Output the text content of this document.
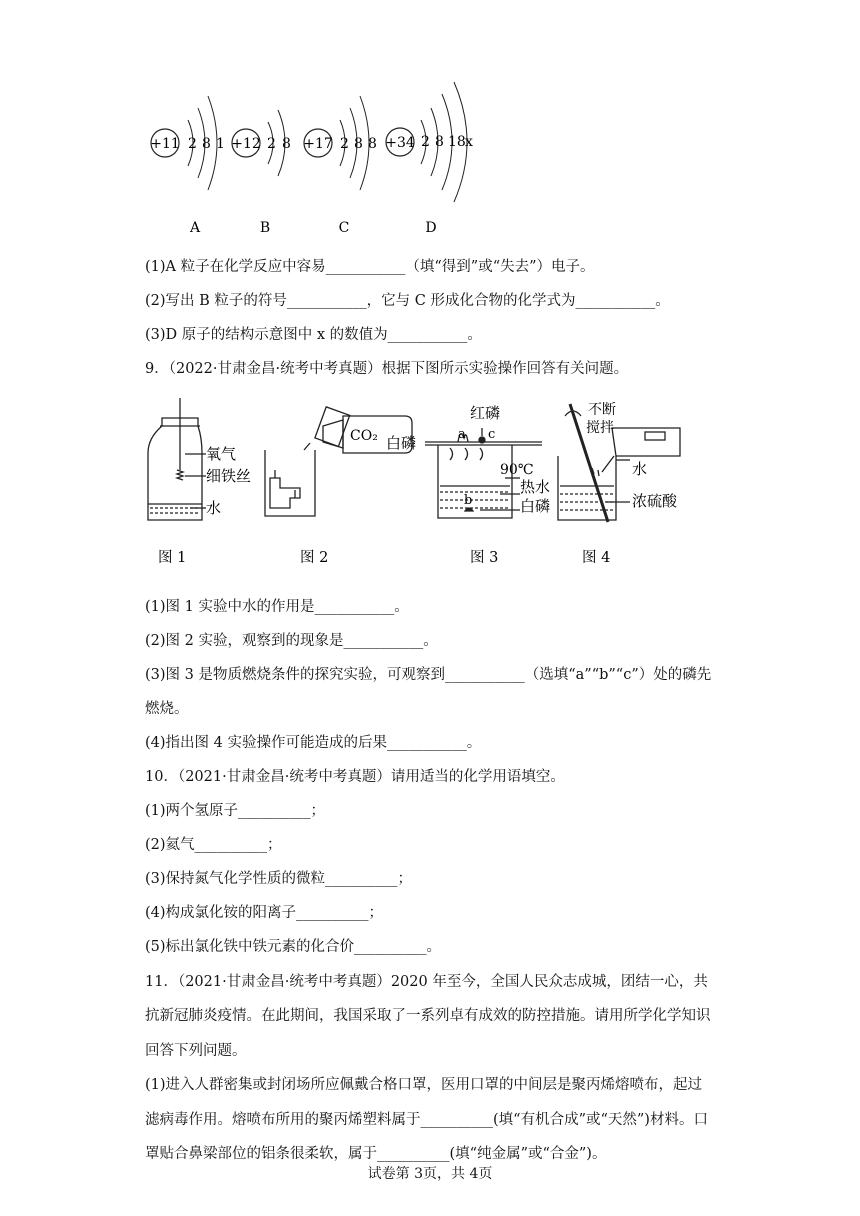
+11 2 8 1
A
+12 2 8
B
+17 2 8 8
C
+34 2 8 18 x
D
(1)A 粒子在化学反应中容易___________（填“得到”或“失去”）电子。
(2)写出 B 粒子的符号___________，它与 C 形成化合物的化学式为___________。
(3)D 原子的结构示意图中 x 的数值为___________。
9．（2022·甘肃金昌·统考中考真题）根据下图所示实验操作回答有关问题。
氧气
细铁丝
水
图 1
CO₂
图 2
红磷
白磷	a c
b
90℃
热水
白磷
图 3
不断
搅拌
水
浓硫酸
图 4
(1)图 1 实验中水的作用是___________。
(2)图 2 实验，观察到的现象是___________。
(3)图 3 是物质燃烧条件的探究实验，可观察到___________（选填“a”“b”“c”）处的磷先
燃烧。
(4)指出图 4 实验操作可能造成的后果___________。
10．（2021·甘肃金昌·统考中考真题）请用适当的化学用语填空。
(1)两个氢原子__________；
(2)氦气__________；
(3)保持氮气化学性质的微粒__________；
(4)构成氯化铵的阳离子__________；
(5)标出氯化铁中铁元素的化合价__________。
11．（2021·甘肃金昌·统考中考真题）2020 年至今，全国人民众志成城，团结一心，共
抗新冠肺炎疫情。在此期间，我国采取了一系列卓有成效的防控措施。请用所学化学知识
回答下列问题。
(1)进入人群密集或封闭场所应佩戴合格口罩，医用口罩的中间层是聚丙烯熔喷布，起过
滤病毒作用。熔喷布所用的聚丙烯塑料属于__________(填“有机合成”或“天然”)材料。口
罩贴合鼻梁部位的铝条很柔软，属于__________(填“纯金属”或“合金”)。
试卷第 3页，共 4页
